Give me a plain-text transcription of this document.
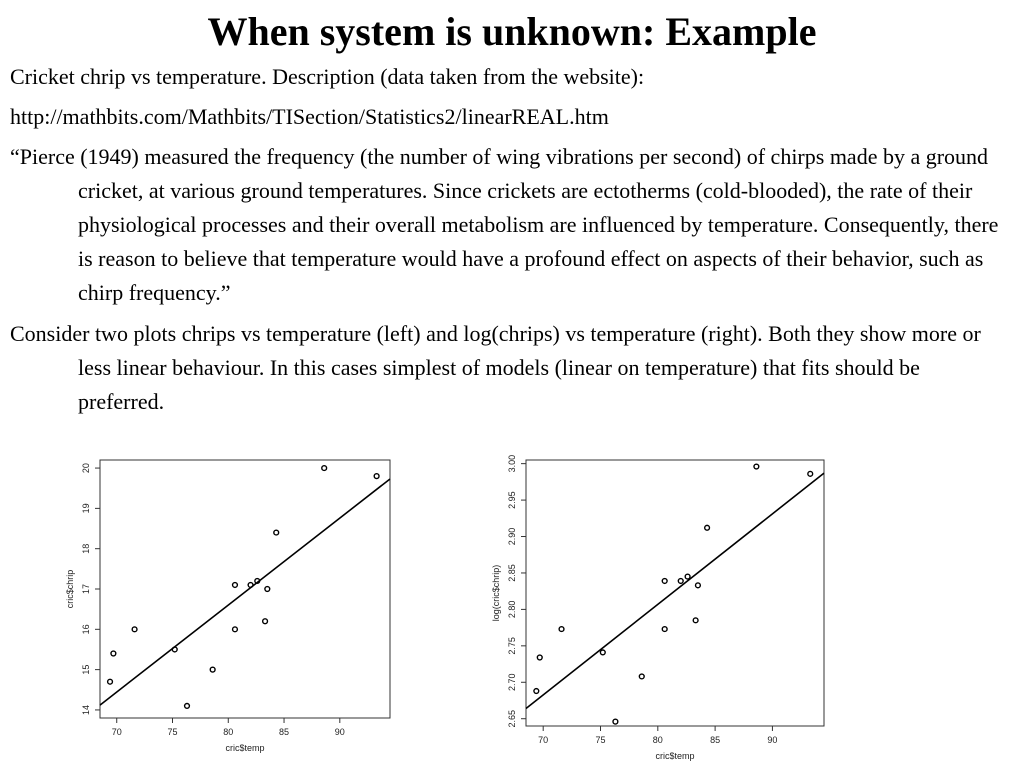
When system is unknown: Example

Cricket chrip vs temperature. Description (data taken from the website):

http://mathbits.com/Mathbits/TISection/Statistics2/linearREAL.htm

“Pierce (1949) measured the frequency (the number of wing vibrations per second) of chirps made by a ground cricket, at various ground temperatures. Since crickets are ectotherms (cold-blooded), the rate of their physiological processes and their overall metabolism are influenced by temperature. Consequently, there is reason to believe that temperature would have a profound effect on aspects of their behavior, such as chirp frequency.”

Consider two plots chrips vs temperature (left) and log(chrips) vs temperature (right). Both they show more or less linear behaviour. In this cases simplest of models (linear on temperature) that fits should be preferred.

70	75	80	85	90
14
15
16
17
18
19
20
cric$temp
cric$chrip
70	75	80	85	90
2.65
2.70
2.75
2.80
2.85
2.90
2.95
3.00
cric$temp
log(cric$chrip)
